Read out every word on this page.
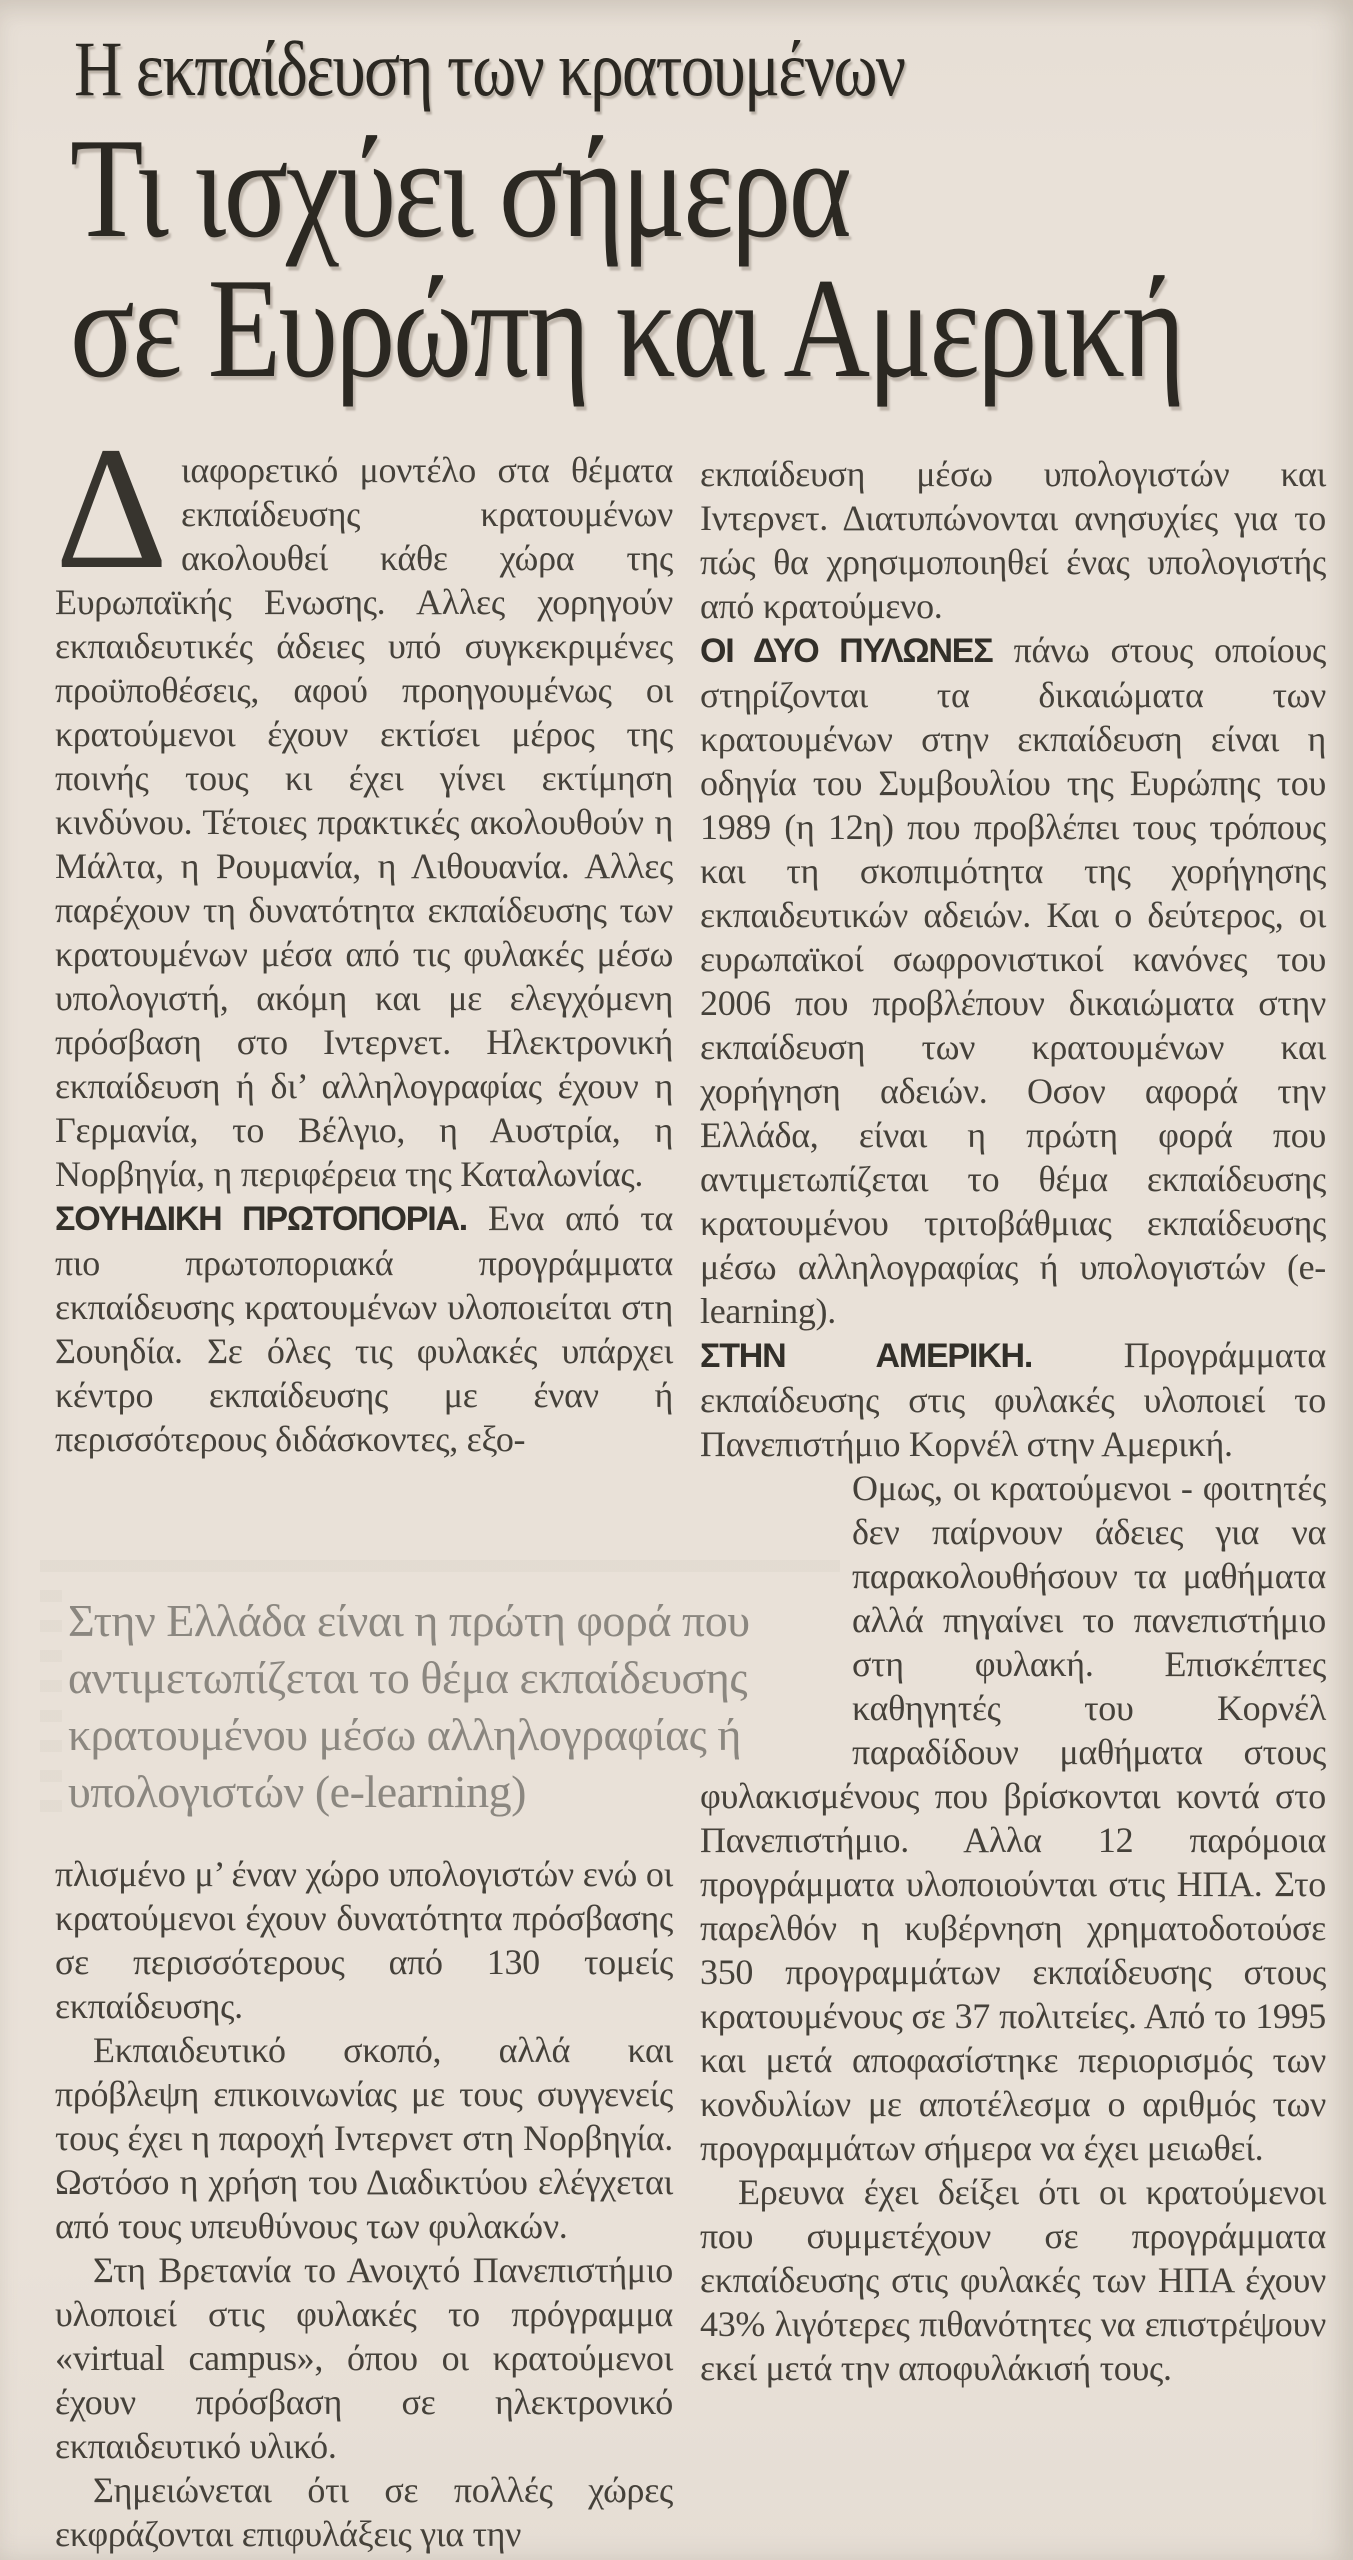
Η εκπαίδευση των κρατουμένων
Τι ισχύει σήμερα
σε Ευρώπη και Αμερική

Διαφορετικό μοντέλο στα θέματα εκπαίδευσης κρατουμένων ακολουθεί κάθε χώρα της Ευρωπαϊκής Ενωσης. Αλλες χορηγούν εκπαιδευτικές άδειες υπό συγκεκριμένες προϋποθέσεις, αφού προηγουμένως οι κρατούμενοι έχουν εκτίσει μέρος της ποινής τους κι έχει γίνει εκτίμηση κινδύνου. Τέτοιες πρακτικές ακολουθούν η Μάλτα, η Ρουμανία, η Λιθουανία. Αλλες παρέχουν τη δυνατότητα εκπαίδευσης των κρατουμένων μέσα από τις φυλακές μέσω υπολογιστή, ακόμη και με ελεγχόμενη πρόσβαση στο Ιντερνετ. Ηλεκτρονική εκπαίδευση ή δι’ αλληλογραφίας έχουν η Γερμανία, το Βέλγιο, η Αυστρία, η Νορβηγία, η περιφέρεια της Καταλωνίας.

ΣΟΥΗΔΙΚΗ ΠΡΩΤΟΠΟΡΙΑ. Ενα από τα πιο πρωτοποριακά προγράμματα εκπαίδευσης κρατουμένων υλοποιείται στη Σουηδία. Σε όλες τις φυλακές υπάρχει κέντρο εκπαίδευσης με έναν ή περισσότερους διδάσκοντες, εξο-

Στην Ελλάδα είναι η πρώτη φορά που αντιμετωπίζεται το θέμα εκπαίδευσης κρατουμένου μέσω αλληλογραφίας ή υπολογιστών (e-learning)

πλισμένο μ’ έναν χώρο υπολογιστών ενώ οι κρατούμενοι έχουν δυνατότητα πρόσβασης σε περισσότερους από 130 τομείς εκπαίδευσης.

Εκπαιδευτικό σκοπό, αλλά και πρόβλεψη επικοινωνίας με τους συγγενείς τους έχει η παροχή Ιντερνετ στη Νορβηγία. Ωστόσο η χρήση του Διαδικτύου ελέγχεται από τους υπευθύνους των φυλακών.

Στη Βρετανία το Ανοιχτό Πανεπιστήμιο υλοποιεί στις φυλακές το πρόγραμμα «virtual campus», όπου οι κρατούμενοι έχουν πρόσβαση σε ηλεκτρονικό εκπαιδευτικό υλικό.

Σημειώνεται ότι σε πολλές χώρες εκφράζονται επιφυλάξεις για την

εκπαίδευση μέσω υπολογιστών και Ιντερνετ. Διατυπώνονται ανησυχίες για το πώς θα χρησιμοποιηθεί ένας υπολογιστής από κρατούμενο.

ΟΙ ΔΥΟ ΠΥΛΩΝΕΣ πάνω στους οποίους στηρίζονται τα δικαιώματα των κρατουμένων στην εκπαίδευση είναι η οδηγία του Συμβουλίου της Ευρώπης του 1989 (η 12η) που προβλέπει τους τρόπους και τη σκοπιμότητα της χορήγησης εκπαιδευτικών αδειών. Και ο δεύτερος, οι ευρωπαϊκοί σωφρονιστικοί κανόνες του 2006 που προβλέπουν δικαιώματα στην εκπαίδευση των κρατουμένων και χορήγηση αδειών. Οσον αφορά την Ελλάδα, είναι η πρώτη φορά που αντιμετωπίζεται το θέμα εκπαίδευσης κρατουμένου τριτοβάθμιας εκπαίδευσης μέσω αλληλογραφίας ή υπολογιστών (e-learning).

ΣΤΗΝ ΑΜΕΡΙΚΗ. Προγράμματα εκπαίδευσης στις φυλακές υλοποιεί το Πανεπιστήμιο Κορνέλ στην Αμερική.

Ομως, οι κρατούμενοι - φοιτητές δεν παίρνουν άδειες για να παρακολουθήσουν τα μαθήματα αλλά πηγαίνει το πανεπιστήμιο στη φυλακή. Επισκέπτες καθηγητές του Κορνέλ παραδίδουν μαθήματα στους φυλακισμένους που βρίσκονται κοντά στο Πανεπιστήμιο. Αλλα 12 παρόμοια προγράμματα υλοποιούνται στις ΗΠΑ. Στο παρελθόν η κυβέρνηση χρηματοδοτούσε 350 προγραμμάτων εκπαίδευσης στους κρατουμένους σε 37 πολιτείες. Από το 1995 και μετά αποφασίστηκε περιορισμός των κονδυλίων με αποτέλεσμα ο αριθμός των προγραμμάτων σήμερα να έχει μειωθεί.

Ερευνα έχει δείξει ότι οι κρατούμενοι που συμμετέχουν σε προγράμματα εκπαίδευσης στις φυλακές των ΗΠΑ έχουν 43% λιγότερες πιθανότητες να επιστρέψουν εκεί μετά την αποφυλάκισή τους.
